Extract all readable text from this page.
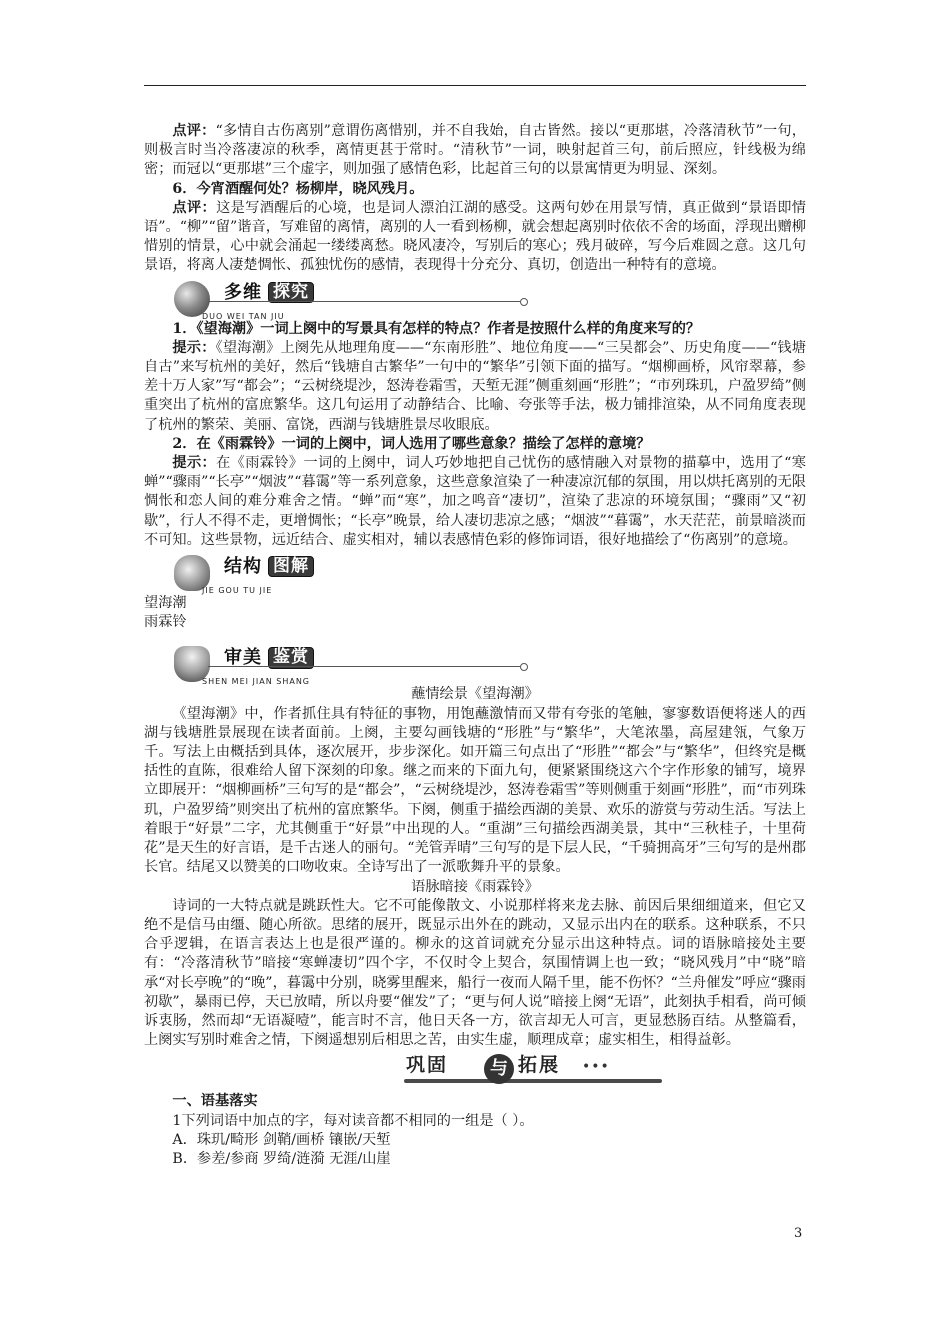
点评：“多情自古伤离别”意谓伤离惜别，并不自我始，自古皆然。接以“更那堪，冷落清秋节”一句，则极言时当冷落凄凉的秋季，离情更甚于常时。“清秋节”一词，映射起首三句，前后照应，针线极为绵密；而冠以“更那堪”三个虚字，则加强了感情色彩，比起首三句的以景寓情更为明显、深刻。

6．今宵酒醒何处？杨柳岸，晓风残月。

点评：这是写酒醒后的心境，也是词人漂泊江湖的感受。这两句妙在用景写情，真正做到“景语即情语”。“柳”“留”谐音，写难留的离情，离别的人一看到杨柳，就会想起离别时依依不舍的场面，浮现出赠柳惜别的情景，心中就会涌起一缕缕离愁。晓风凄冷，写别后的寒心；残月破碎，写今后难圆之意。这几句景语，将离人凄楚惆怅、孤独忧伤的感情，表现得十分充分、真切，创造出一种特有的意境。

多维 探究
DUO WEI TAN JIU

1．《望海潮》一词上阕中的写景具有怎样的特点？作者是按照什么样的角度来写的？

提示：《望海潮》上阕先从地理角度——“东南形胜”、地位角度——“三吴都会”、历史角度——“钱塘自古”来写杭州的美好，然后“钱塘自古繁华”一句中的“繁华”引领下面的描写。“烟柳画桥，风帘翠幕，参差十万人家”写“都会”；“云树绕堤沙，怒涛卷霜雪，天堑无涯”侧重刻画“形胜”；“市列珠玑，户盈罗绮”侧重突出了杭州的富庶繁华。这几句运用了动静结合、比喻、夸张等手法，极力铺排渲染，从不同角度表现了杭州的繁荣、美丽、富饶，西湖与钱塘胜景尽收眼底。

2．在《雨霖铃》一词的上阕中，词人选用了哪些意象？描绘了怎样的意境？

提示：在《雨霖铃》一词的上阕中，词人巧妙地把自己忧伤的感情融入对景物的描摹中，选用了“寒蝉”“骤雨”“长亭”“烟波”“暮霭”等一系列意象，这些意象渲染了一种凄凉沉郁的氛围，用以烘托离别的无限惆怅和恋人间的难分难舍之情。“蝉”而“寒”，加之鸣音“凄切”，渲染了悲凉的环境氛围；“骤雨”又“初歇”，行人不得不走，更增惆怅；“长亭”晚景，给人凄切悲凉之感；“烟波”“暮霭”，水天茫茫，前景暗淡而不可知。这些景物，远近结合、虚实相对，辅以表感情色彩的修饰词语，很好地描绘了“伤离别”的意境。

结构 图解
JIE GOU TU JIE

望海潮

雨霖铃

审美 鉴赏
SHEN MEI JIAN SHANG

蘸情绘景《望海潮》

《望海潮》中，作者抓住具有特征的事物，用饱蘸激情而又带有夸张的笔触，寥寥数语便将迷人的西湖与钱塘胜景展现在读者面前。上阕，主要勾画钱塘的“形胜”与“繁华”，大笔浓墨，高屋建瓴，气象万千。写法上由概括到具体，逐次展开，步步深化。如开篇三句点出了“形胜”“都会”与“繁华”，但终究是概括性的直陈，很难给人留下深刻的印象。继之而来的下面九句，便紧紧围绕这六个字作形象的铺写，境界立即展开：“烟柳画桥”三句写的是“都会”，“云树绕堤沙，怒涛卷霜雪”等则侧重于刻画“形胜”，而“市列珠玑，户盈罗绮”则突出了杭州的富庶繁华。下阕，侧重于描绘西湖的美景、欢乐的游赏与劳动生活。写法上着眼于“好景”二字，尤其侧重于“好景”中出现的人。“重湖”三句描绘西湖美景，其中“三秋桂子，十里荷花”是天生的好言语，是千古迷人的丽句。“羌管弄晴”三句写的是下层人民，“千骑拥高牙”三句写的是州郡长官。结尾又以赞美的口吻收束。全诗写出了一派歌舞升平的景象。

语脉暗接《雨霖铃》

诗词的一大特点就是跳跃性大。它不可能像散文、小说那样将来龙去脉、前因后果细细道来，但它又绝不是信马由缰、随心所欲。思绪的展开，既显示出外在的跳动，又显示出内在的联系。这种联系，不只合乎逻辑，在语言表达上也是很严谨的。柳永的这首词就充分显示出这种特点。词的语脉暗接处主要有：“冷落清秋节”暗接“寒蝉凄切”四个字，不仅时令上契合，氛围情调上也一致；“晓风残月”中“晓”暗承“对长亭晚”的“晚”，暮霭中分别，晓雾里醒来，船行一夜而人隔千里，能不伤怀？“兰舟催发”呼应“骤雨初歇”，暴雨已停，天已放晴，所以舟要“催发”了；“更与何人说”暗接上阕“无语”，此刻执手相看，尚可倾诉衷肠，然而却“无语凝噎”，能言时不言，他日天各一方，欲言却无人可言，更显愁肠百结。从整篇看，上阕实写别时难舍之情，下阕遥想别后相思之苦，由实生虚，顺理成章；虚实相生，相得益彰。

巩固	与 拓展 •••

一、语基落实

1下列词语中加点的字，每对读音都不相同的一组是（ ）。

A．珠玑/畸形 剑鞘/画桥 镶嵌/天堑

B．参差/参商 罗绮/涟漪 无涯/山崖

3
